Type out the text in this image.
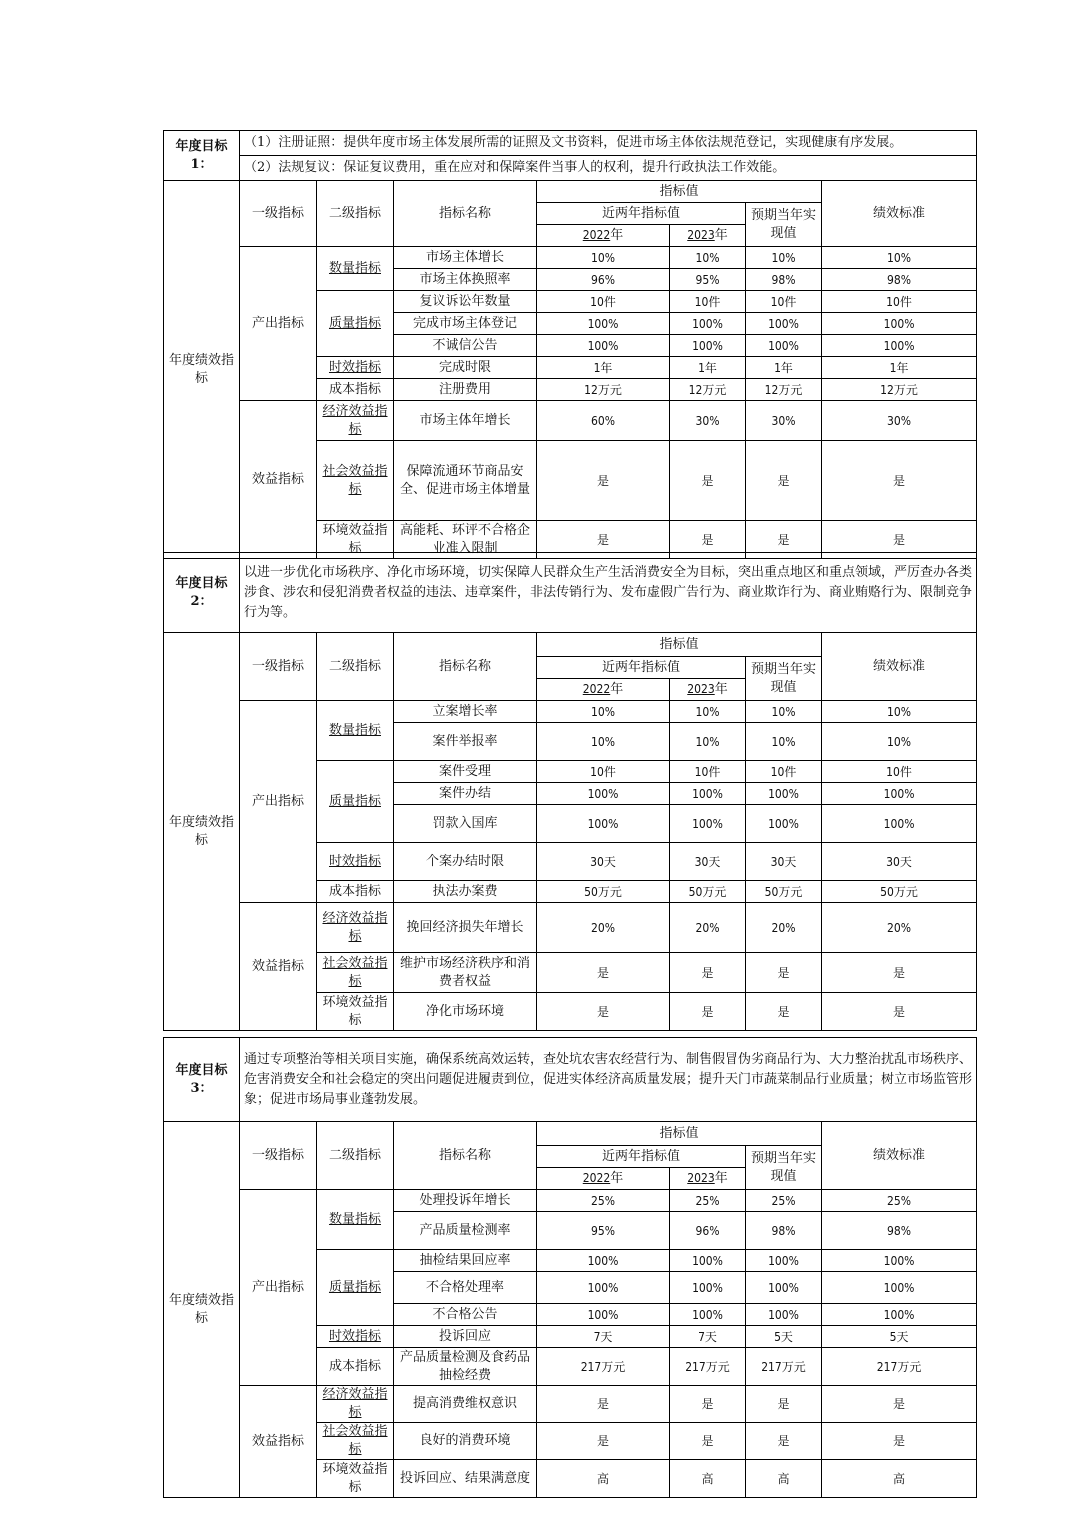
年度目标1：	（1）注册证照：提供年度市场主体发展所需的证照及文书资料，促进市场主体依法规范登记，实现健康有序发展。						
	（2）法规复议：保证复议费用，重在应对和保障案件当事人的权利，提升行政执法工作效能。						
年度绩效指标	一级指标	二级指标	指标名称	指标值			绩效标准
				近两年指标值		预期当年实现值	
				2022年	2023年		
	产出指标	数量指标	市场主体增长	10%	10%	10%	10%
			市场主体换照率	96%	95%	98%	98%
		质量指标	复议诉讼年数量	10件	10件	10件	10件
			完成市场主体登记	100%	100%	100%	100%
			不诚信公告	100%	100%	100%	100%
		时效指标	完成时限	1年	1年	1年	1年
		成本指标	注册费用	12万元	12万元	12万元	12万元
	效益指标	经济效益指标	市场主体年增长	60%	30%	30%	30%
		社会效益指标	保障流通环节商品安全、促进市场主体增量	是	是	是	是
		环境效益指标	高能耗、环评不合格企业准入限制	是	是	是	是
年度目标2：	以进一步优化市场秩序、净化市场环境，切实保障人民群众生产生活消费安全为目标，突出重点地区和重点领域，严厉查办各类涉食、涉农和侵犯消费者权益的违法、违章案件，非法传销行为、发布虚假广告行为、商业欺诈行为、商业贿赂行为、限制竞争行为等。						
年度绩效指标	一级指标	二级指标	指标名称	指标值			绩效标准
				近两年指标值		预期当年实现值	
				2022年	2023年		
	产出指标	数量指标	立案增长率	10%	10%	10%	10%
			案件举报率	10%	10%	10%	10%
		质量指标	案件受理	10件	10件	10件	10件
			案件办结	100%	100%	100%	100%
			罚款入国库	100%	100%	100%	100%
		时效指标	个案办结时限	30天	30天	30天	30天
		成本指标	执法办案费	50万元	50万元	50万元	50万元
	效益指标	经济效益指标	挽回经济损失年增长	20%	20%	20%	20%
		社会效益指标	维护市场经济秩序和消费者权益	是	是	是	是
		环境效益指标	净化市场环境	是	是	是	是
年度目标3：	通过专项整治等相关项目实施，确保系统高效运转，查处坑农害农经营行为、制售假冒伪劣商品行为、大力整治扰乱市场秩序、危害消费安全和社会稳定的突出问题促进履责到位，促进实体经济高质量发展；提升天门市蔬菜制品行业质量；树立市场监管形象；促进市场局事业蓬勃发展。						
年度绩效指标	一级指标	二级指标	指标名称	指标值			绩效标准
				近两年指标值		预期当年实现值	
				2022年	2023年		
	产出指标	数量指标	处理投诉年增长	25%	25%	25%	25%
			产品质量检测率	95%	96%	98%	98%
		质量指标	抽检结果回应率	100%	100%	100%	100%
			不合格处理率	100%	100%	100%	100%
			不合格公告	100%	100%	100%	100%
		时效指标	投诉回应	7天	7天	5天	5天
		成本指标	产品质量检测及食药品抽检经费	217万元	217万元	217万元	217万元
	效益指标	经济效益指标	提高消费维权意识	是	是	是	是
		社会效益指标	良好的消费环境	是	是	是	是
		环境效益指标	投诉回应、结果满意度	高	高	高	高
